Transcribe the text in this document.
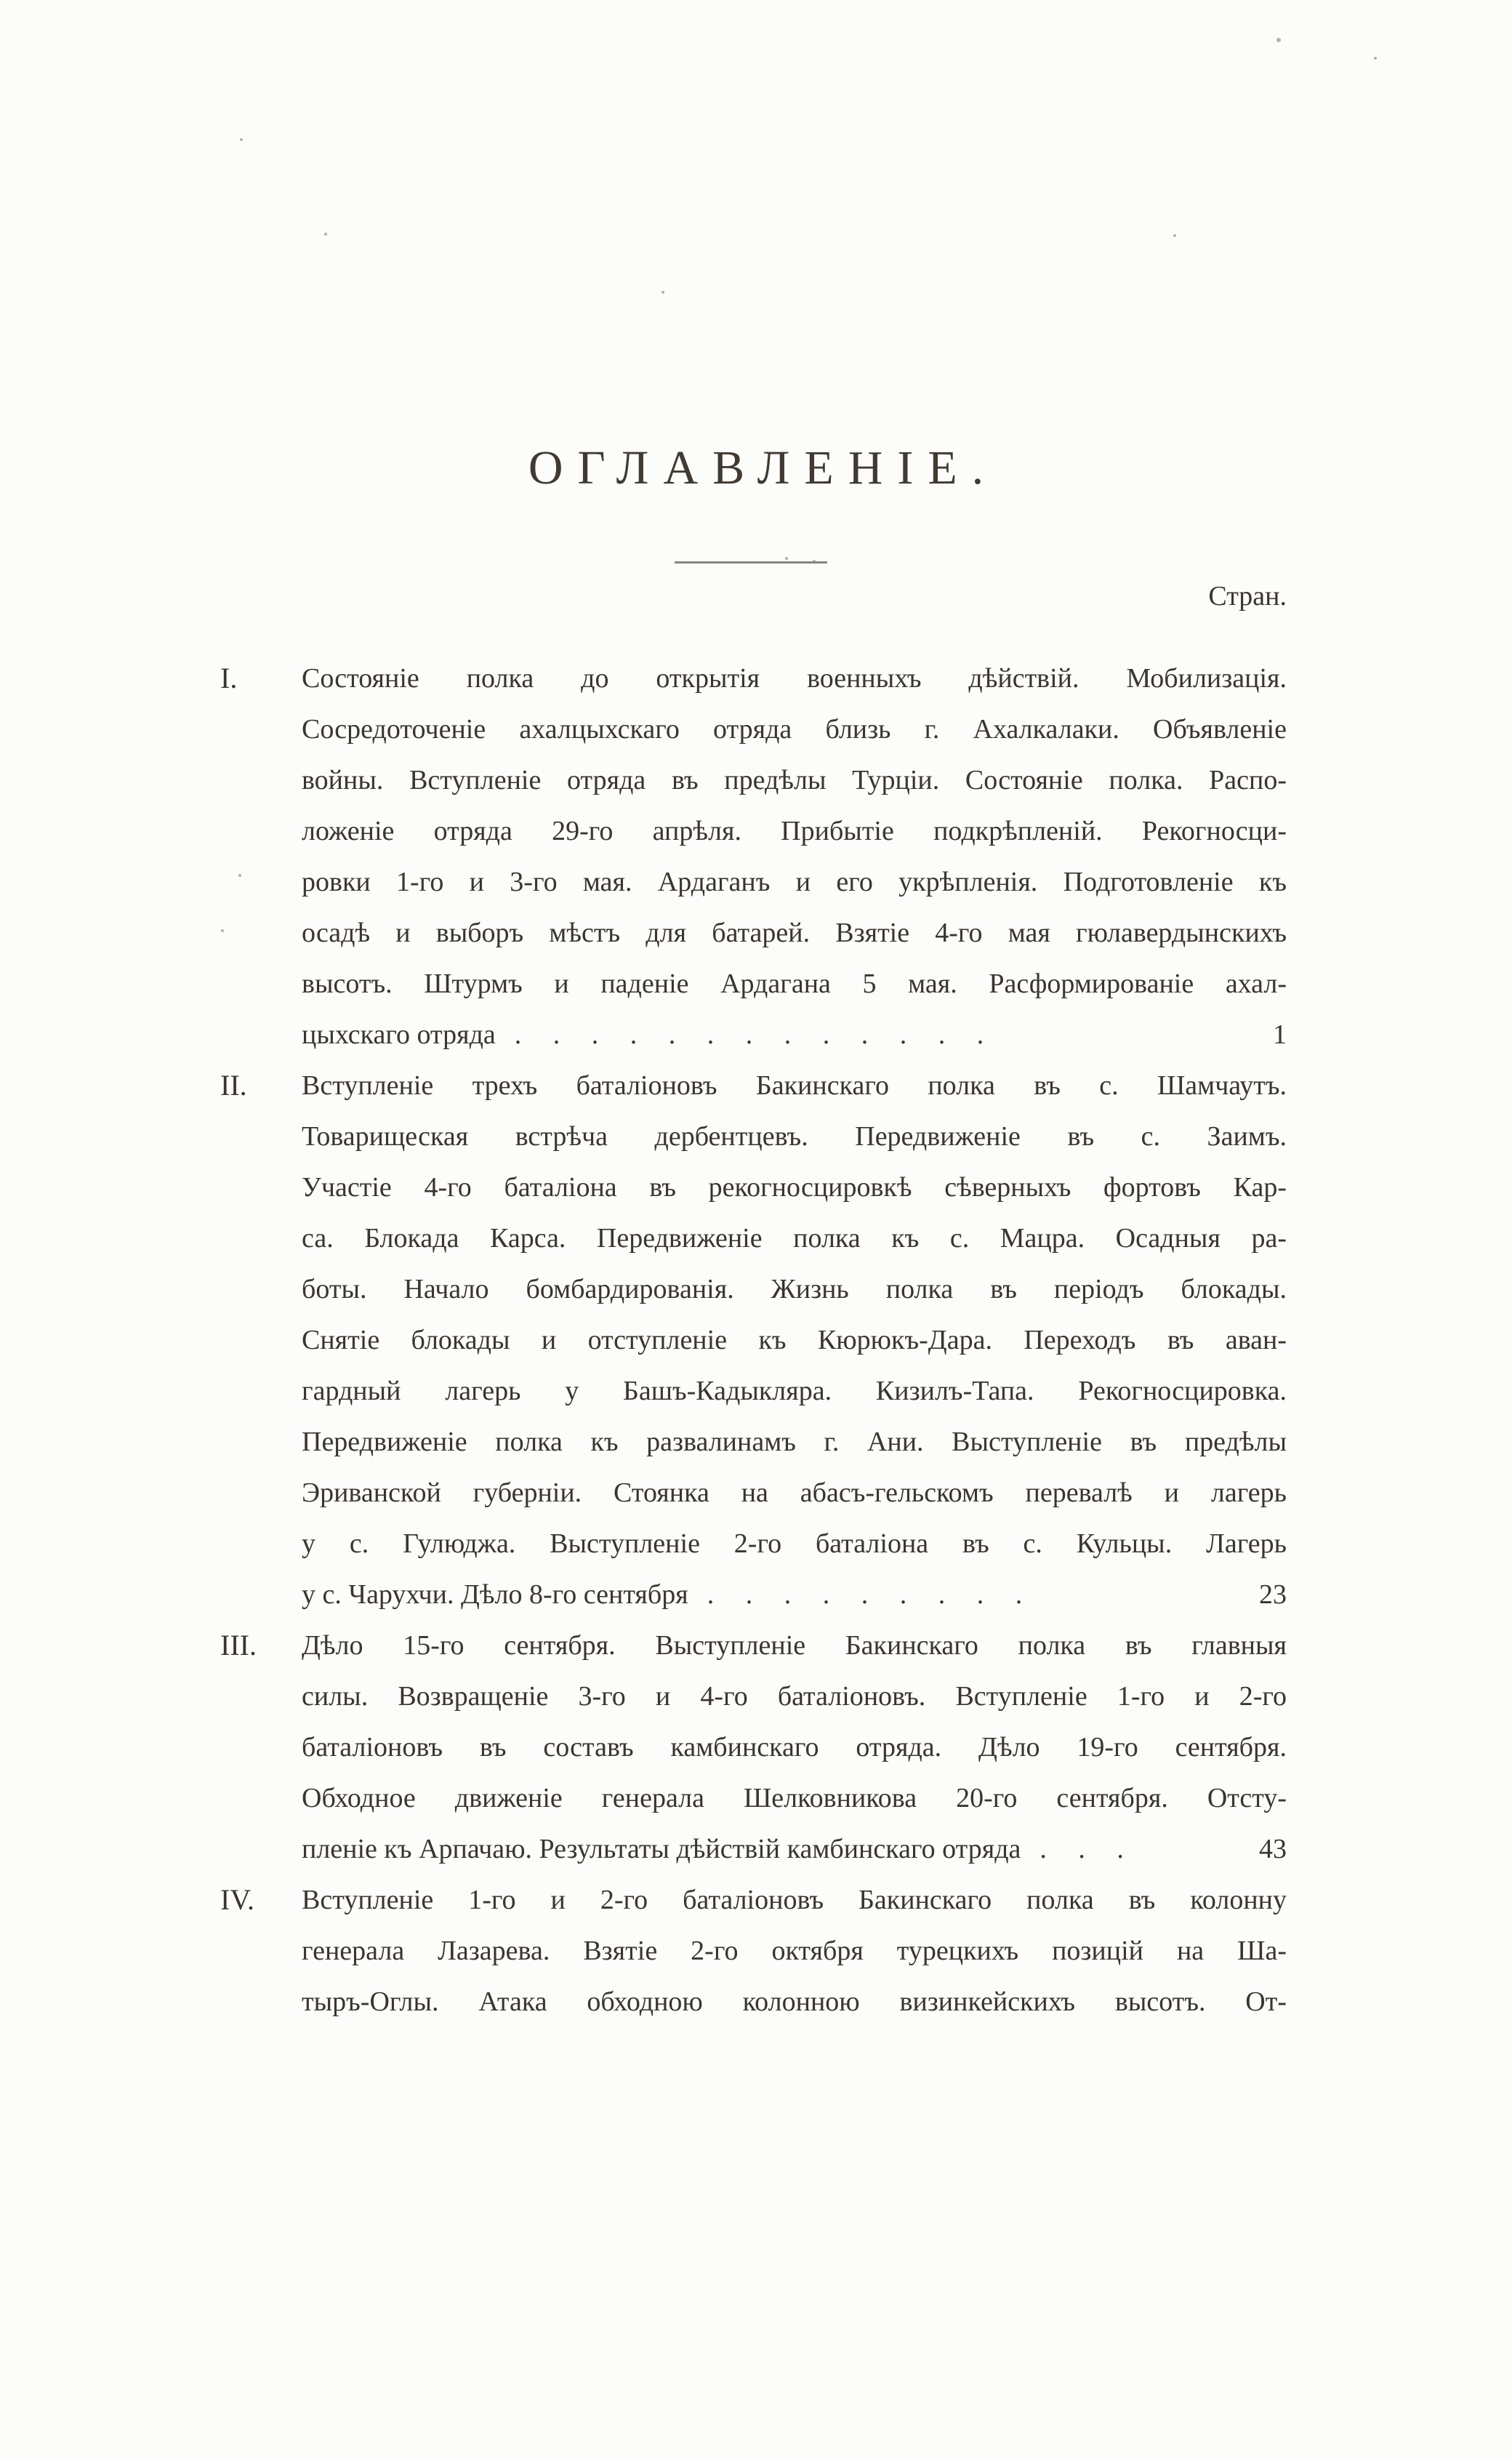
ОГЛАВЛЕНІЕ.
Стран.
I.	Состояніе полка до открытія военныхъ дѣйствій. Мобилизація.
Сосредоточеніе ахалцыхскаго отряда близь г. Ахалкалаки. Объявленіе
войны. Вступленіе отряда въ предѣлы Турціи. Состояніе полка. Распо-
ложеніе отряда 29-го апрѣля. Прибытіе подкрѣпленій. Рекогносци-
ровки 1-го и 3-го мая. Ардаганъ и его укрѣпленія. Подготовленіе къ
осадѣ и выборъ мѣстъ для батарей. Взятіе 4-го мая гюлавердынскихъ
высотъ. Штурмъ и паденіе Ардагана 5 мая. Расформированіе ахал-
цыхскаго отряда . . . . . . . . . . . . .	1
II.	Вступленіе трехъ баталіоновъ Бакинскаго полка въ с. Шамчаутъ.
Товарищеская встрѣча дербентцевъ. Передвиженіе въ с. Заимъ.
Участіе 4-го баталіона въ рекогносцировкѣ сѣверныхъ фортовъ Кар-
са. Блокада Карса. Передвиженіе полка къ с. Мацра. Осадныя ра-
боты. Начало бомбардированія. Жизнь полка въ періодъ блокады.
Снятіе блокады и отступленіе къ Кюрюкъ-Дара. Переходъ въ аван-
гардный лагерь у Башъ-Кадыкляра. Кизилъ-Тапа. Рекогносцировка.
Передвиженіе полка къ развалинамъ г. Ани. Выступленіе въ предѣлы
Эриванской губерніи. Стоянка на абасъ-гельскомъ перевалѣ и лагерь
у с. Гулюджа. Выступленіе 2-го баталіона въ с. Кульцы. Лагерь
у с. Чарухчи. Дѣло 8-го сентября . . . . . . . . .	23
III.	Дѣло 15-го сентября. Выступленіе Бакинскаго полка въ главныя
силы. Возвращеніе 3-го и 4-го баталіоновъ. Вступленіе 1-го и 2-го
баталіоновъ въ составъ камбинскаго отряда. Дѣло 19-го сентября.
Обходное движеніе генерала Шелковникова 20-го сентября. Отсту-
пленіе къ Арпачаю. Результаты дѣйствій камбинскаго отряда . . .	43
IV.	Вступленіе 1-го и 2-го баталіоновъ Бакинскаго полка въ колонну
генерала Лазарева. Взятіе 2-го октября турецкихъ позицій на Ша-
тыръ-Оглы. Атака обходною колонною визинкейскихъ высотъ. От-
